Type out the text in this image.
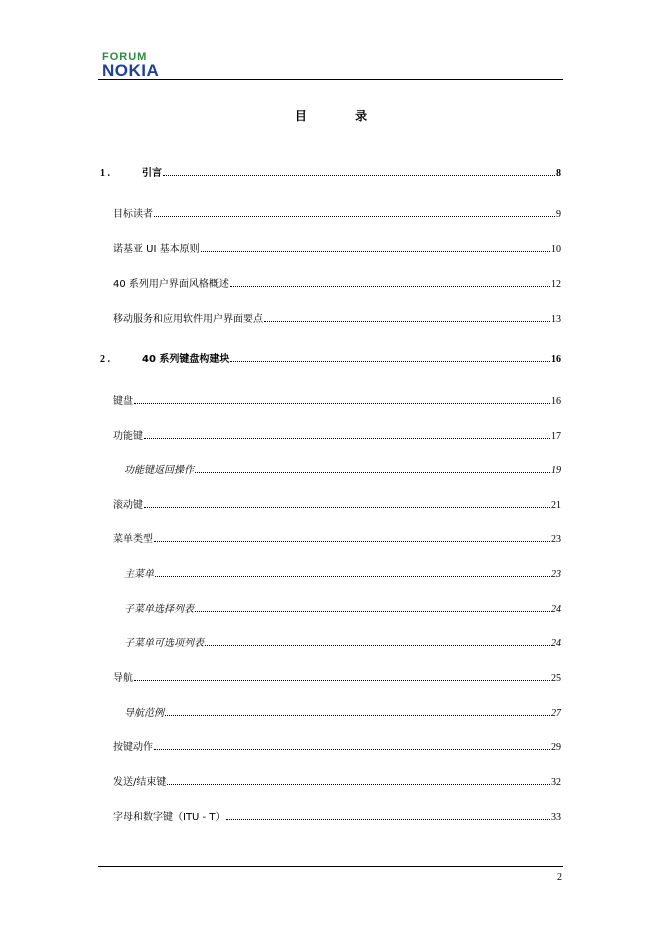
FORUM
NOKIA
目 录
1 .	引言	8
目标读者	9
诺基亚 UI 基本原则	10
40 系列用户界面风格概述	12
移动服务和应用软件用户界面要点	13
2 .	40 系列键盘构建块	16
键盘	16
功能键	17
功能键返回操作	19
滚动键	21
菜单类型	23
主菜单	23
子菜单选择列表	24
子菜单可选项列表	24
导航	25
导航范例	27
按键动作	29
发送/结束键	32
字母和数字键（ITU - T）	33
2
